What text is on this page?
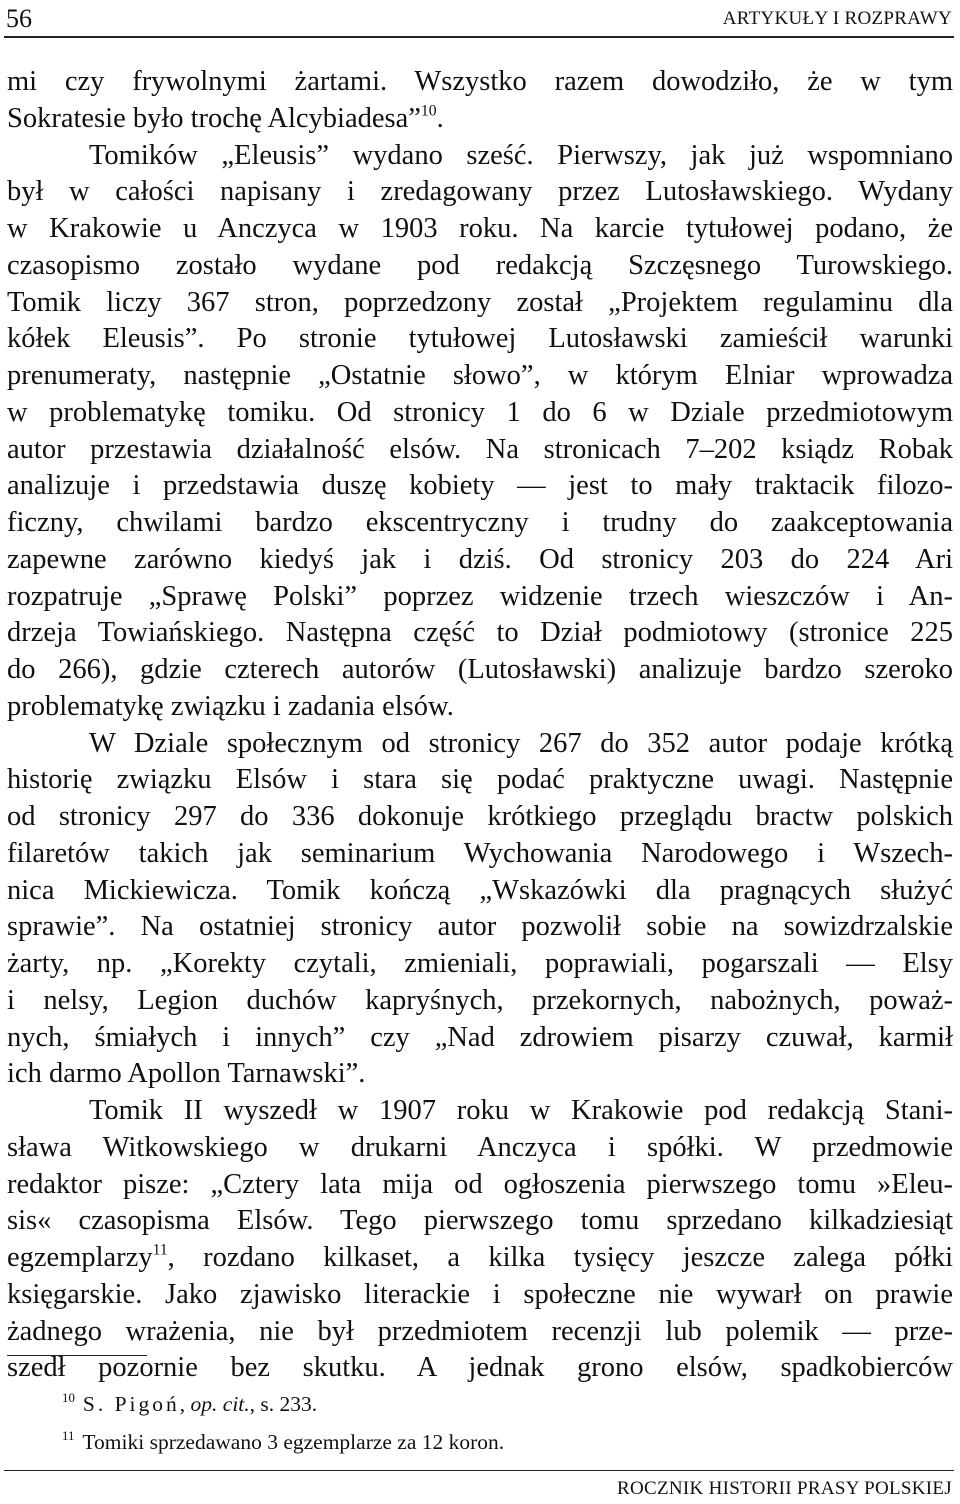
56	ARTYKUŁY I ROZPRAWY
mi czy frywolnymi żartami. Wszystko razem dowodziło, że w tym
Sokratesie było trochę Alcybiadesa”$^{10}$.
Tomików „Eleusis” wydano sześć. Pierwszy, jak już wspomniano
był w całości napisany i zredagowany przez Lutosławskiego. Wydany
w Krakowie u Anczyca w 1903 roku. Na karcie tytułowej podano, że
czasopismo zostało wydane pod redakcją Szczęsnego Turowskiego.
Tomik liczy 367 stron, poprzedzony został „Projektem regulaminu dla
kółek Eleusis”. Po stronie tytułowej Lutosławski zamieścił warunki
prenumeraty, następnie „Ostatnie słowo”, w którym Elniar wprowadza
w problematykę tomiku. Od stronicy 1 do 6 w Dziale przedmiotowym
autor przestawia działalność elsów. Na stronicach 7–202 ksiądz Robak
analizuje i przedstawia duszę kobiety — jest to mały traktacik filozo-
ficzny, chwilami bardzo ekscentryczny i trudny do zaakceptowania
zapewne zarówno kiedyś jak i dziś. Od stronicy 203 do 224 Ari
rozpatruje „Sprawę Polski” poprzez widzenie trzech wieszczów i An-
drzeja Towiańskiego. Następna część to Dział podmiotowy (stronice 225
do 266), gdzie czterech autorów (Lutosławski) analizuje bardzo szeroko
problematykę związku i zadania elsów.
W Dziale społecznym od stronicy 267 do 352 autor podaje krótką
historię związku Elsów i stara się podać praktyczne uwagi. Następnie
od stronicy 297 do 336 dokonuje krótkiego przeglądu bractw polskich
filaretów takich jak seminarium Wychowania Narodowego i Wszech-
nica Mickiewicza. Tomik kończą „Wskazówki dla pragnących służyć
sprawie”. Na ostatniej stronicy autor pozwolił sobie na sowizdrzalskie
żarty, np. „Korekty czytali, zmieniali, poprawiali, pogarszali — Elsy
i nelsy, Legion duchów kapryśnych, przekornych, nabożnych, poważ-
nych, śmiałych i innych” czy „Nad zdrowiem pisarzy czuwał, karmił
ich darmo Apollon Tarnawski”.
Tomik II wyszedł w 1907 roku w Krakowie pod redakcją Stani-
sława Witkowskiego w drukarni Anczyca i spółki. W przedmowie
redaktor pisze: „Cztery lata mija od ogłoszenia pierwszego tomu »Eleu-
sis« czasopisma Elsów. Tego pierwszego tomu sprzedano kilkadziesiąt
egzemplarzy$^{11}$, rozdano kilkaset, a kilka tysięcy jeszcze zalega półki
księgarskie. Jako zjawisko literackie i społeczne nie wywarł on prawie
żadnego wrażenia, nie był przedmiotem recenzji lub polemik — prze-
szedł pozornie bez skutku. A jednak grono elsów, spadkobierców
$^{10}$ S. Pigoń, op. cit., s. 233.
$^{11}$ Tomiki sprzedawano 3 egzemplarze za 12 koron.
ROCZNIK HISTORII PRASY POLSKIEJ
